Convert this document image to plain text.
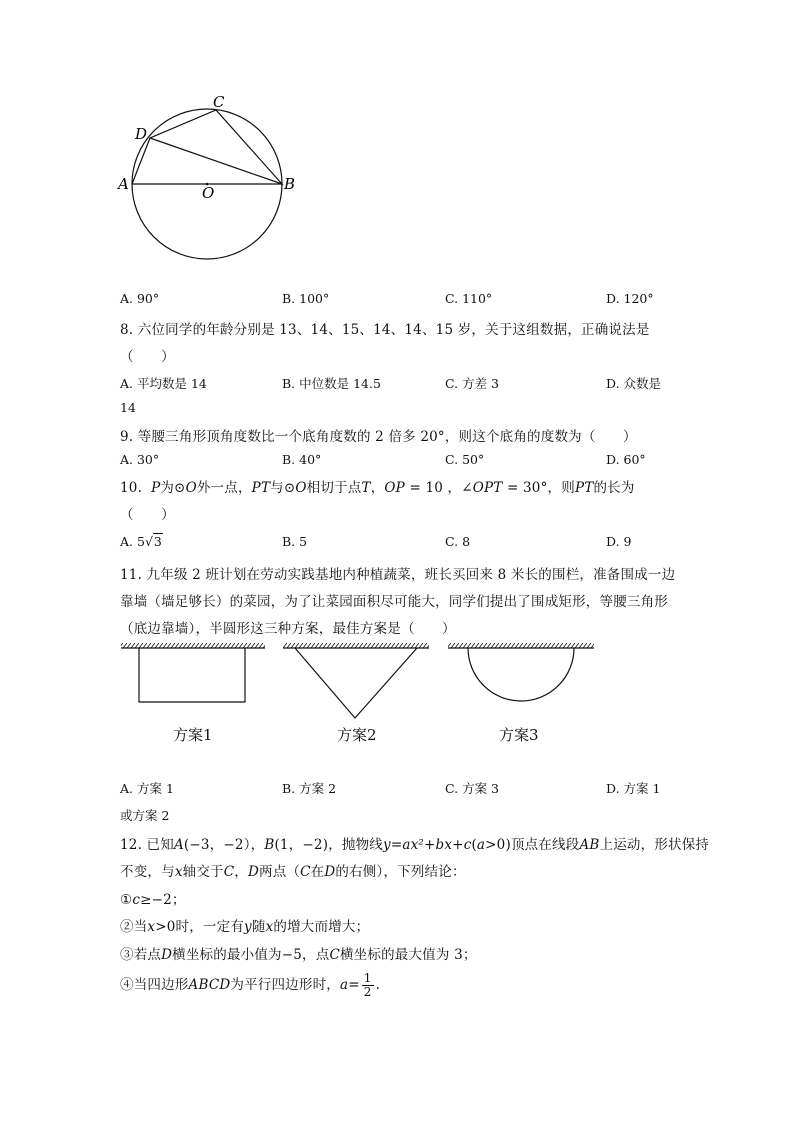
C
D
A	O	B
A. 90°	B. 100°	C. 110°	D. 120°
8. 六位同学的年龄分别是 13、14、15、14、14、15 岁，关于这组数据，正确说法是
（　　）
A. 平均数是 14	B. 中位数是 14.5	C. 方差 3	D. 众数是
14
9. 等腰三角形顶角度数比一个底角度数的 2 倍多 20°，则这个底角的度数为（　　）
A. 30°	B. 40°	C. 50°	D. 60°
10. P为⊙O外一点，PT与⊙O相切于点T，OP = 10 ，∠OPT = 30°，则PT的长为
（　　）
A. 5√3	B. 5	C. 8	D. 9
11. 九年级 2 班计划在劳动实践基地内种植蔬菜，班长买回来 8 米长的围栏，准备围成一边
靠墙（墙足够长）的菜园，为了让菜园面积尽可能大，同学们提出了围成矩形，等腰三角形
（底边靠墙），半圆形这三种方案，最佳方案是（　　）
方案1	方案2	方案3
A. 方案 1	B. 方案 2	C. 方案 3	D. 方案 1
或方案 2
12. 已知A(−3，−2），B(1，−2)，抛物线y=ax²+bx+c(a>0)顶点在线段AB上运动，形状保持
不变，与x轴交于C，D两点（C在D的右侧），下列结论：
①c≥−2；
②当x>0时，一定有y随x的增大而增大；
③若点D横坐标的最小值为−5，点C横坐标的最大值为 3；
④当四边形ABCD为平行四边形时，$a= \frac{1}{2}$ .
